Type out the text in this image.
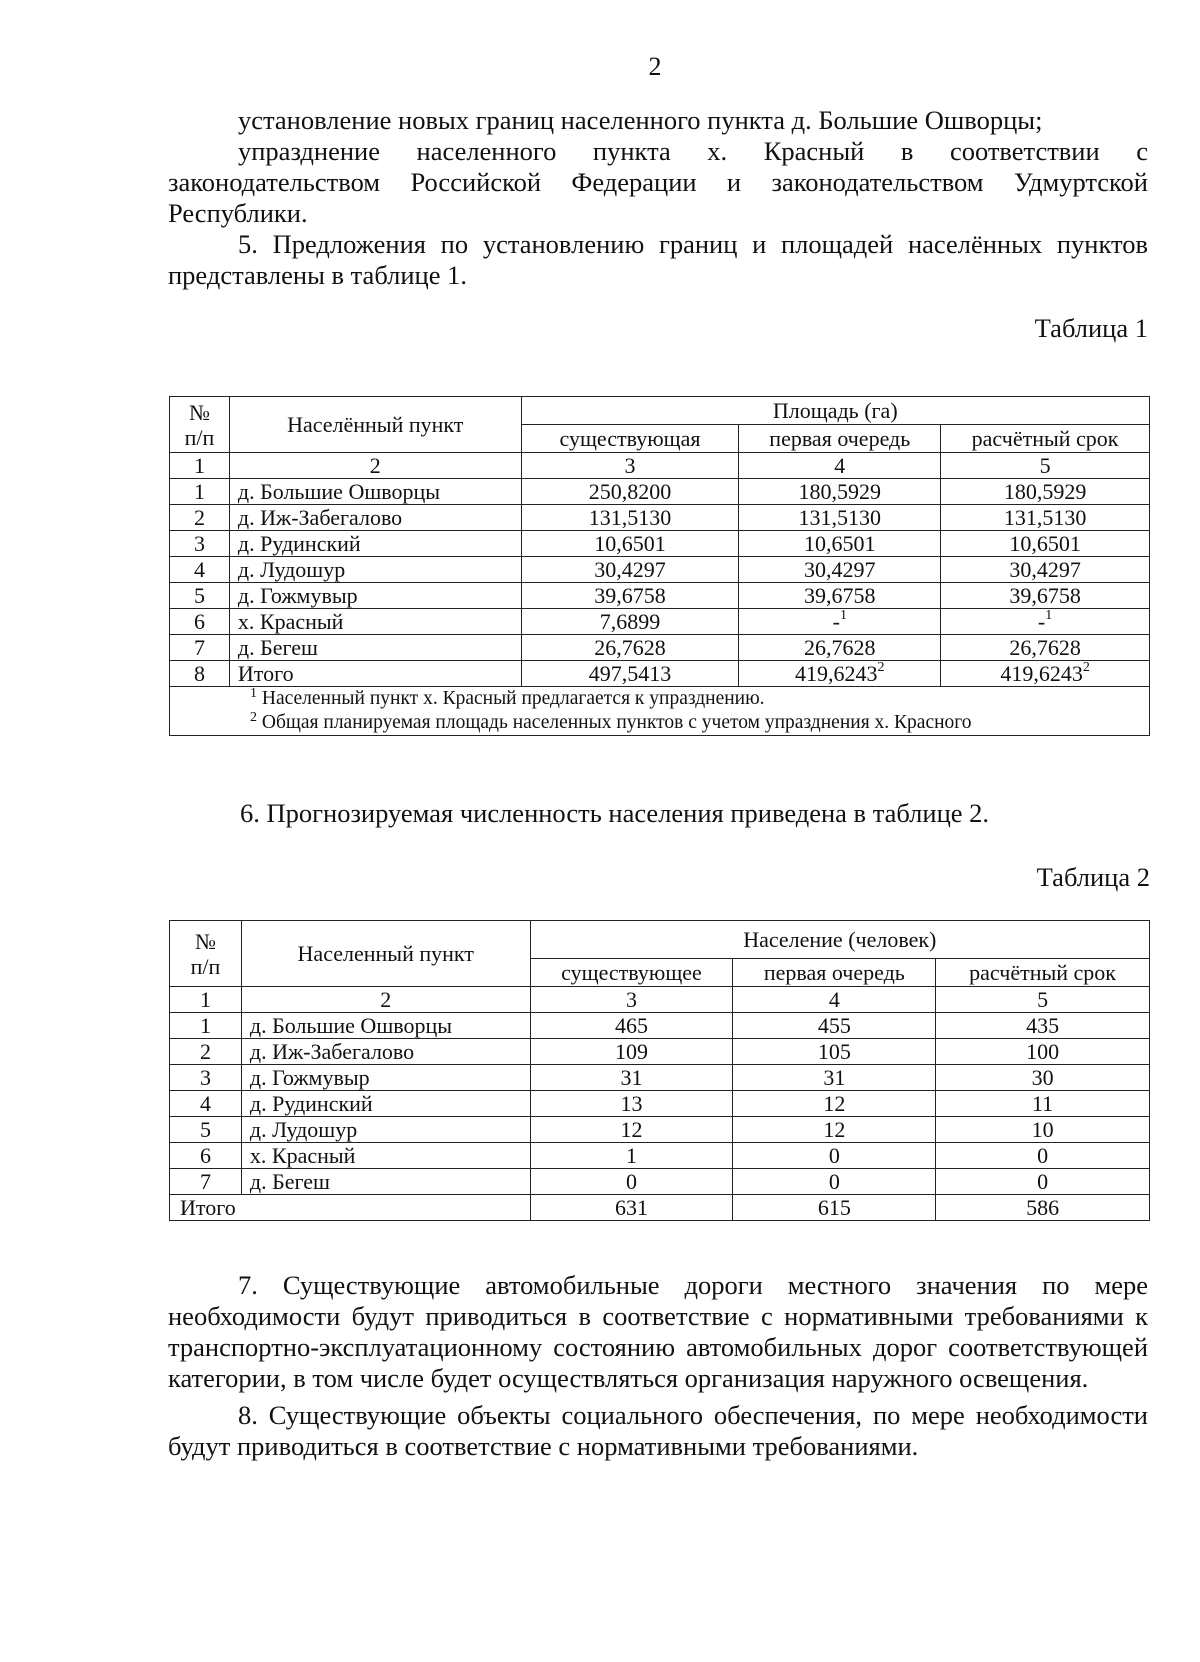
2
установление новых границ населенного пункта д. Большие Ошворцы;
упразднение населенного пункта х. Красный в соответствии с
законодательством Российской Федерации и законодательством Удмуртской
Республики.
5. Предложения по установлению границ и площадей населённых пунктов
представлены в таблице 1.
Таблица 1
№
п/п	Населённый пункт	Площадь (га)		
		существующая	первая очередь	расчётный срок
1	2	3	4	5
1	д. Большие Ошворцы	250,8200	180,5929	180,5929
2	д. Иж-Забегалово	131,5130	131,5130	131,5130
3	д. Рудинский	10,6501	10,6501	10,6501
4	д. Лудошур	30,4297	30,4297	30,4297
5	д. Гожмувыр	39,6758	39,6758	39,6758
6	х. Красный	7,6899	-$^1$	-$^1$
7	д. Бегеш	26,7628	26,7628	26,7628
8	Итого	497,5413	419,6243$^2$	419,6243$^2$

$^1$ Населенный пункт х. Красный предлагается к упразднению.
$^2$ Общая планируемая площадь населенных пунктов с учетом упразднения х. Красного				
6. Прогнозируемая численность населения приведена в таблице 2.
Таблица 2
№
п/п	Населенный пункт	Население (человек)		
		существующее	первая очередь	расчётный срок
1	2	3	4	5
1	д. Большие Ошворцы	465	455	435
2	д. Иж-Забегалово	109	105	100
3	д. Гожмувыр	31	31	30
4	д. Рудинский	13	12	11
5	д. Лудошур	12	12	10
6	х. Красный	1	0	0
7	д. Бегеш	0	0	0
Итого		631	615	586

7. Существующие автомобильные дороги местного значения по мере необходимости будут приводиться в соответствие с нормативными требованиями к транспортно-эксплуатационному состоянию автомобильных дорог соответствующей категории, в том числе будет осуществляться организация наружного освещения.

8. Существующие объекты социального обеспечения, по мере необходимости будут приводиться в соответствие с нормативными требованиями.
